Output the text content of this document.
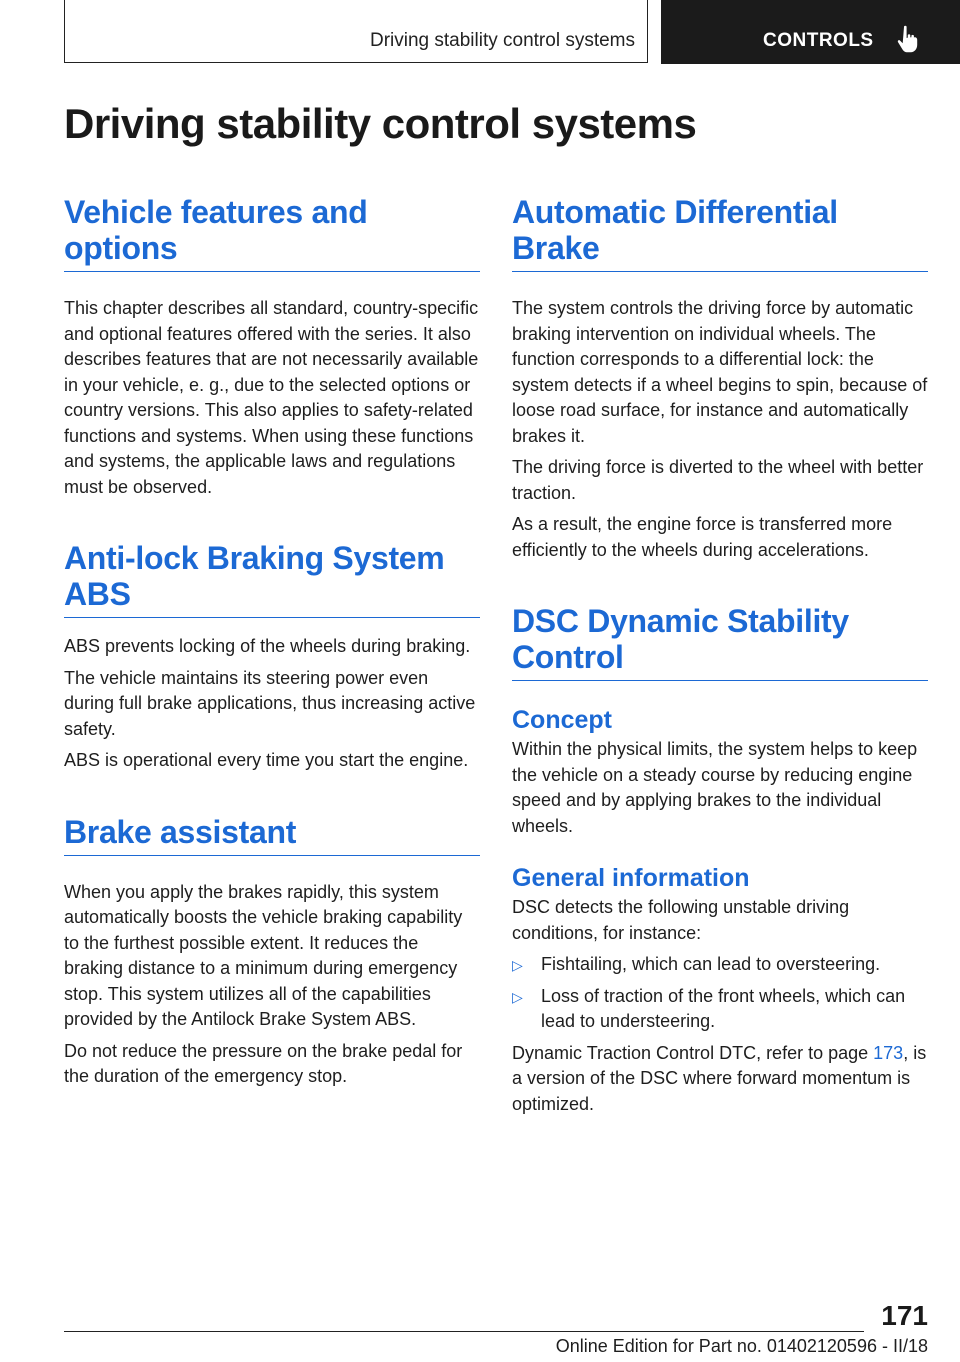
Driving stability control systems	CONTROLS
Driving stability control systems
Vehicle features and options

This chapter describes all standard, country-specific and optional features offered with the series. It also describes features that are not necessarily available in your vehicle, e. g., due to the selected options or country versions. This also applies to safety-related functions and systems. When using these functions and systems, the applicable laws and regulations must be observed.

Anti-lock Braking System ABS

ABS prevents locking of the wheels during braking.

The vehicle maintains its steering power even during full brake applications, thus increasing active safety.

ABS is operational every time you start the engine.

Brake assistant

When you apply the brakes rapidly, this system automatically boosts the vehicle braking capability to the furthest possible extent. It reduces the braking distance to a minimum during emergency stop. This system utilizes all of the capabilities provided by the Antilock Brake System ABS.

Do not reduce the pressure on the brake pedal for the duration of the emergency stop.

Automatic Differential Brake

The system controls the driving force by automatic braking intervention on individual wheels. The function corresponds to a differential lock: the system detects if a wheel begins to spin, because of loose road surface, for instance and automatically brakes it.

The driving force is diverted to the wheel with better traction.

As a result, the engine force is transferred more efficiently to the wheels during accelerations.

DSC Dynamic Stability Control
Concept

Within the physical limits, the system helps to keep the vehicle on a steady course by reducing engine speed and by applying brakes to the individual wheels.

General information

DSC detects the following unstable driving conditions, for instance:

▷ Fishtailing, which can lead to oversteering.
▷ Loss of traction of the front wheels, which can lead to understeering.

Dynamic Traction Control DTC, refer to page 173, is a version of the DSC where forward momentum is optimized.

171
Online Edition for Part no. 01402120596 - II/18
